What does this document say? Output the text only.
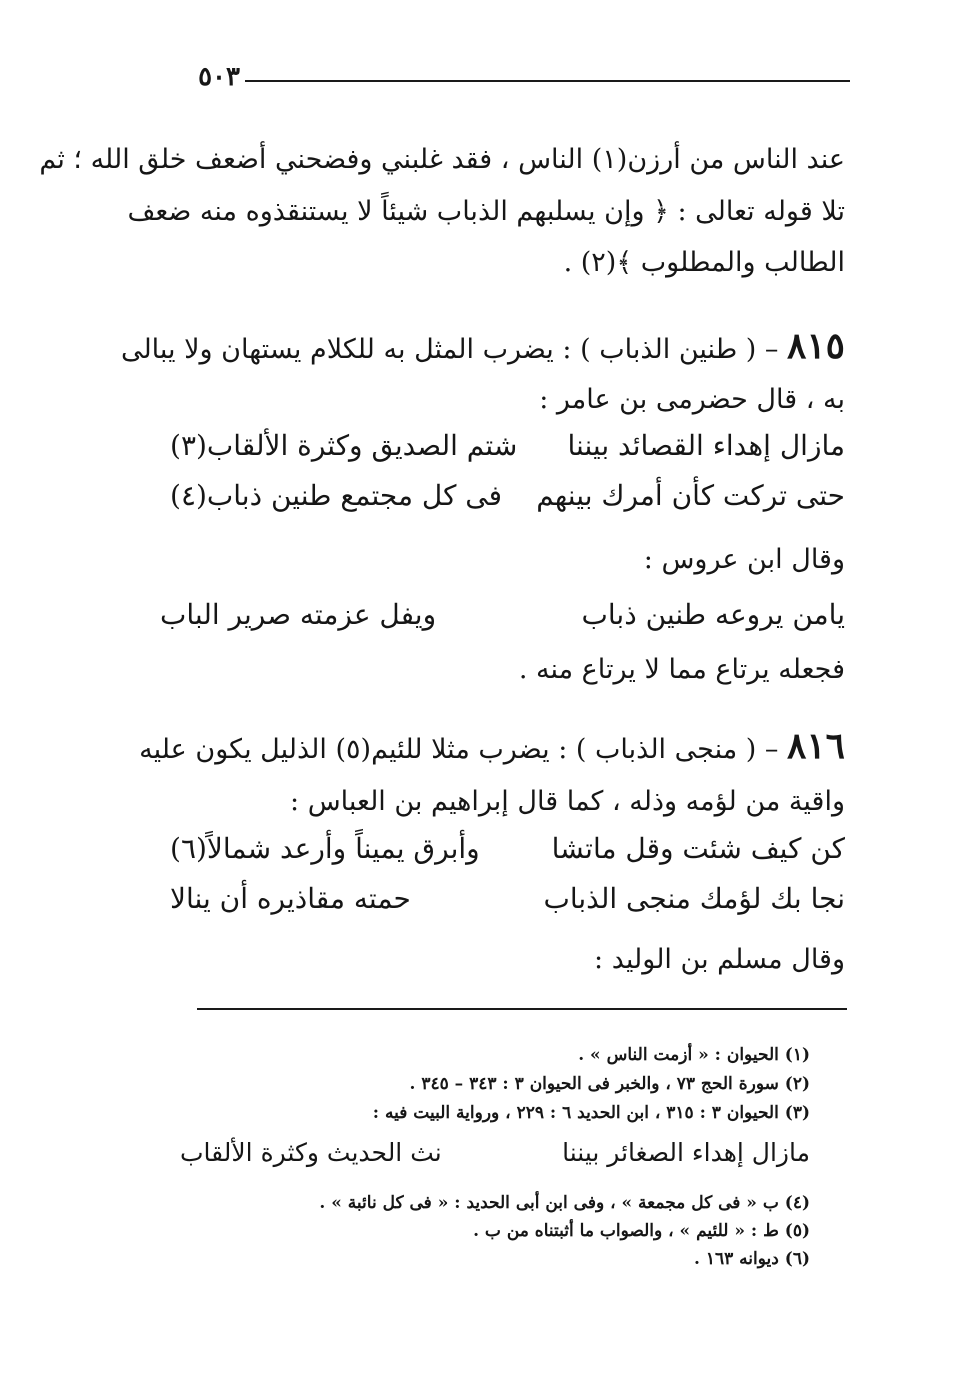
٥٠٣
عند الناس من أرزن(١) الناس ، فقد غلبني وفضحني أضعف خلق الله ؛ ثم
تلا قوله تعالى : ﴿ وإن يسلبهم الذباب شيئاً لا يستنقذوه منه ضعف
الطالب والمطلوب ﴾(٢) .
٨١٥ – ( طنين الذباب ) : يضرب المثل به للكلام يستهان ولا يبالى
به ، قال حضرمى بن عامر :
مازال إهداء القصائد بيننا
شتم الصديق وكثرة الألقاب(٣)
حتى تركت كأن أمرك بينهم
فى كل مجتمع طنين ذباب(٤)
وقال ابن عروس :
يامن يروعه طنين ذباب
ويفل عزمته صرير الباب
فجعله يرتاع مما لا يرتاع منه .
٨١٦ – ( منجى الذباب ) : يضرب مثلا للئيم(٥) الذليل يكون عليه
واقية من لؤمه وذله ، كما قال إبراهيم بن العباس :
كن كيف شئت وقل ماتشا
وأبرق يميناً وأرعد شمالاً(٦)
نجا بك لؤمك منجى الذباب
حمته مقاذيره أن ينالا
وقال مسلم بن الوليد :
(١) الحيوان : « أزمت الناس » .
(٢) سورة الحج ٧٣ ، والخبر فى الحيوان ٣ : ٣٤٣ – ٣٤٥ .
(٣) الحيوان ٣ : ٣١٥ ، ابن الحديد ٦ : ٢٢٩ ، ورواية البيت فيه :
مازال إهداء الصغائر بيننا
نث الحديث وكثرة الألقاب
(٤) ب « فى كل مجمعة » ، وفى ابن أبى الحديد : « فى كل نائبة » .
(٥) ط : « للئيم » ، والصواب ما أثبتناه من ب .
(٦) ديوانه ١٦٣ .
